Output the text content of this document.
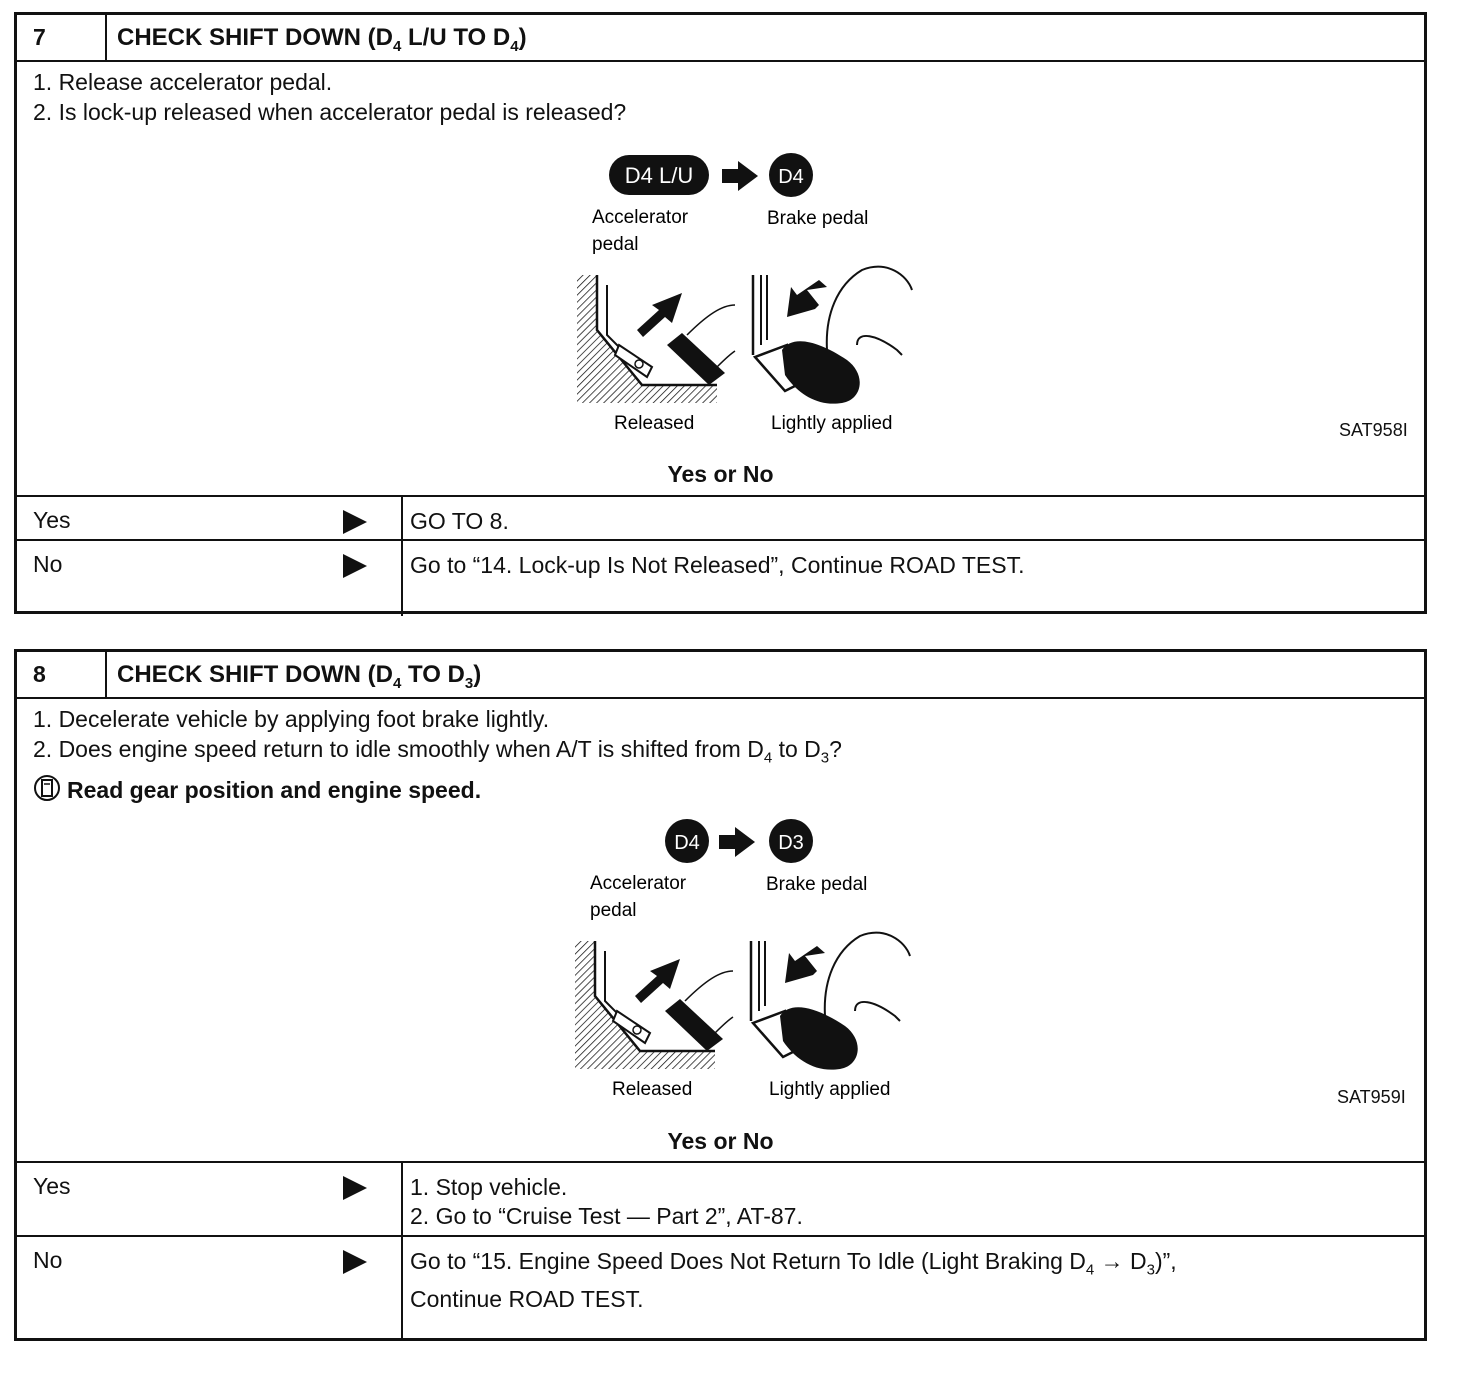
7	CHECK SHIFT DOWN ($D_4$ L/U TO $D_4$)
1. Release accelerator pedal.
2. Is lock-up released when accelerator pedal is released?
D4 L/U	D4
Accelerator
pedal
Brake pedal
Released	Lightly applied	SAT958I
Yes or No
Yes	GO TO 8.
No	Go to “14. Lock-up Is Not Released”, Continue ROAD TEST.
8	CHECK SHIFT DOWN ($D_4$ TO $D_3$)
1. Decelerate vehicle by applying foot brake lightly.
2. Does engine speed return to idle smoothly when A/T is shifted from $D_4$ to $D_3$?
Read gear position and engine speed.
D4	D3
Accelerator
pedal
Brake pedal
Released	Lightly applied	SAT959I
Yes or No
Yes	1. Stop vehicle.
2. Go to “Cruise Test — Part 2”, AT-87.
No	Go to “15. Engine Speed Does Not Return To Idle (Light Braking $D_4 \to D_3$)”,
Continue ROAD TEST.
